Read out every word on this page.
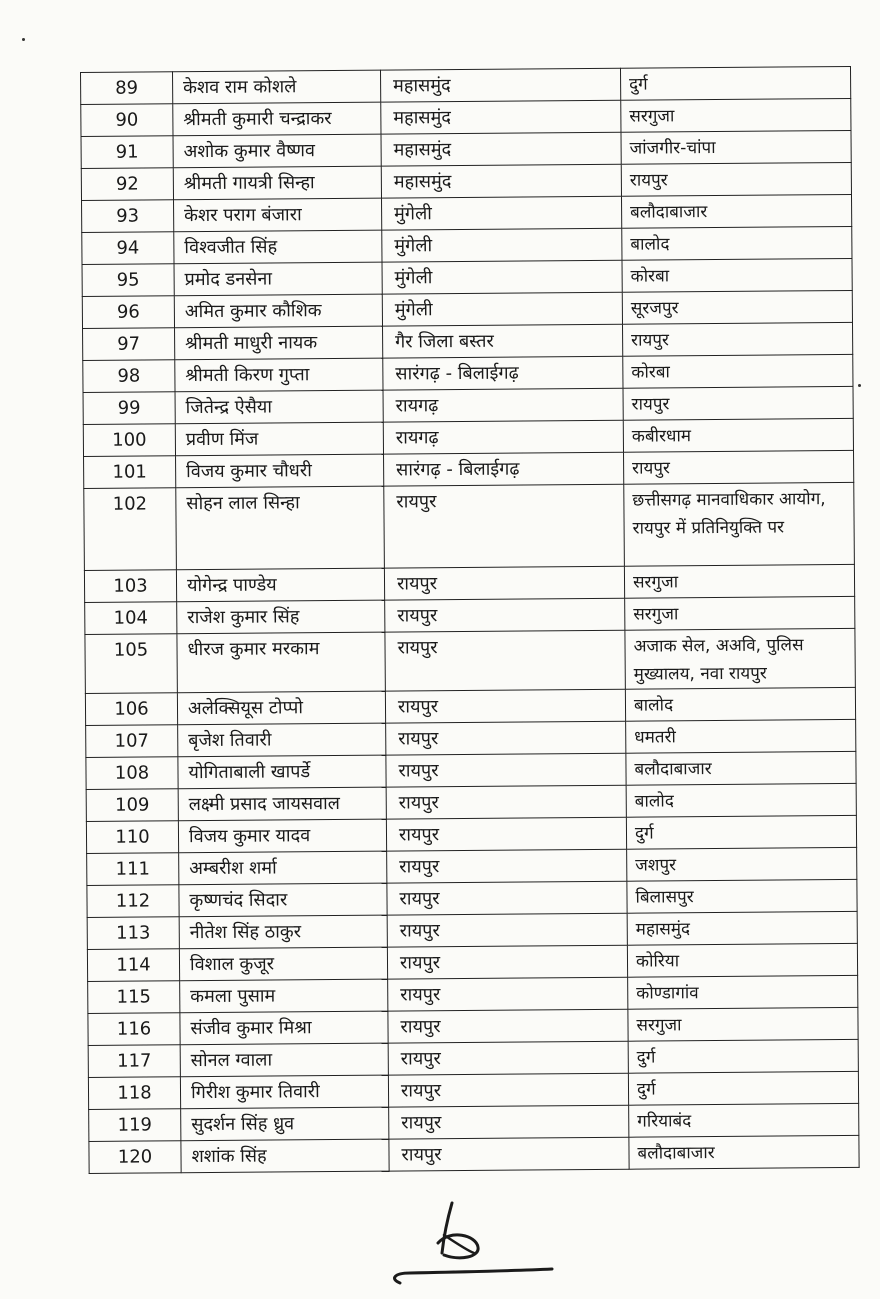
89	केशव राम कोशले	महासमुंद	दुर्ग
90	श्रीमती कुमारी चन्द्राकर	महासमुंद	सरगुजा
91	अशोक कुमार वैष्णव	महासमुंद	जांजगीर-चांपा
92	श्रीमती गायत्री सिन्हा	महासमुंद	रायपुर
93	केशर पराग बंजारा	मुंगेली	बलौदाबाजार
94	विश्वजीत सिंह	मुंगेली	बालोद
95	प्रमोद डनसेना	मुंगेली	कोरबा
96	अमित कुमार कौशिक	मुंगेली	सूरजपुर
97	श्रीमती माधुरी नायक	गैर जिला बस्तर	रायपुर
98	श्रीमती किरण गुप्ता	सारंगढ़ - बिलाईगढ़	कोरबा
99	जितेन्द्र ऐसैया	रायगढ़	रायपुर
100	प्रवीण मिंज	रायगढ़	कबीरधाम
101	विजय कुमार चौधरी	सारंगढ़ - बिलाईगढ़	रायपुर
102	सोहन लाल सिन्हा	रायपुर	छत्तीसगढ़ मानवाधिकार आयोग, रायपुर में प्रतिनियुक्ति पर
103	योगेन्द्र पाण्डेय	रायपुर	सरगुजा
104	राजेश कुमार सिंह	रायपुर	सरगुजा
105	धीरज कुमार मरकाम	रायपुर	अजाक सेल, अअवि, पुलिस मुख्यालय, नवा रायपुर
106	अलेक्सियूस टोप्पो	रायपुर	बालोद
107	बृजेश तिवारी	रायपुर	धमतरी
108	योगिताबाली खापर्डे	रायपुर	बलौदाबाजार
109	लक्ष्मी प्रसाद जायसवाल	रायपुर	बालोद
110	विजय कुमार यादव	रायपुर	दुर्ग
111	अम्बरीश शर्मा	रायपुर	जशपुर
112	कृष्णचंद सिदार	रायपुर	बिलासपुर
113	नीतेश सिंह ठाकुर	रायपुर	महासमुंद
114	विशाल कुजूर	रायपुर	कोरिया
115	कमला पुसाम	रायपुर	कोण्डागांव
116	संजीव कुमार मिश्रा	रायपुर	सरगुजा
117	सोनल ग्वाला	रायपुर	दुर्ग
118	गिरीश कुमार तिवारी	रायपुर	दुर्ग
119	सुदर्शन सिंह ध्रुव	रायपुर	गरियाबंद
120	शशांक सिंह	रायपुर	बलौदाबाजार
